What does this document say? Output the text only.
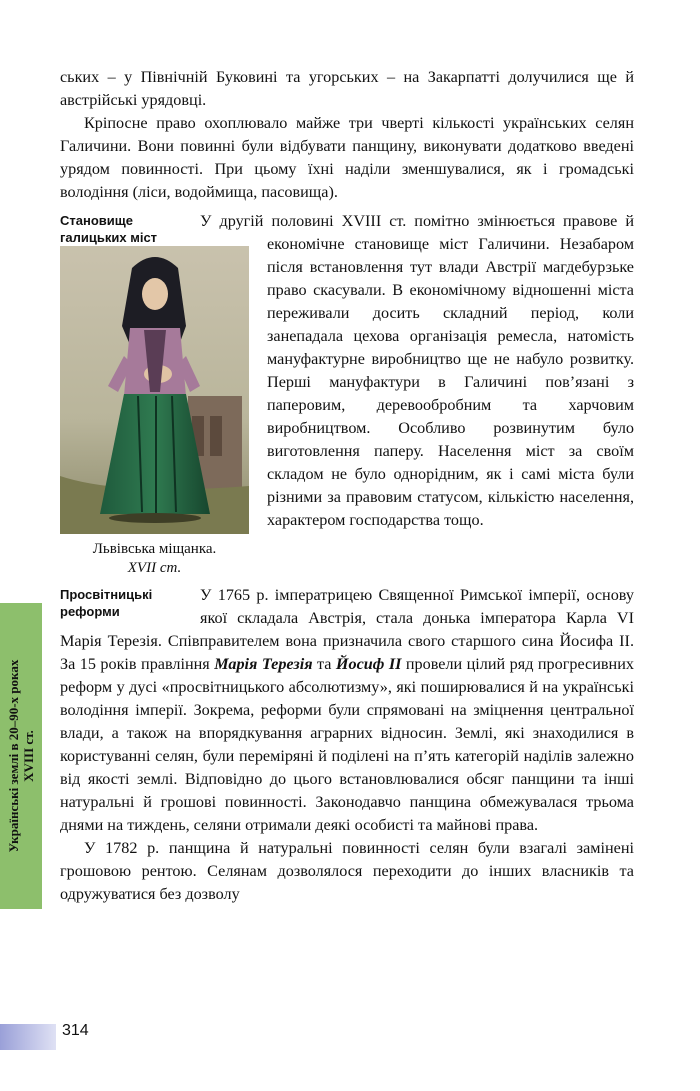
Українські землі в 20–90-х роках
XVIII ст.
314

ських – у Північній Буковині та угорських – на Закарпатті долучилися ще й австрійські урядовці.

Кріпосне право охоплювало майже три чверті кількості українських селян Галичини. Вони повинні були відбувати панщину, виконувати додатково введені урядом повинності. При цьому їхні наділи зменшувалися, як і громадські володіння (ліси, водоймища, пасовища).

Становище галицьких міст
Львівська міщанка.
XVII ст.

У другій половині XVIII ст. помітно змінюється правове й економічне становище міст Галичини. Незабаром після встановлення тут влади Австрії магдебурзьке право скасували. В економічному відношенні міста переживали досить складний період, коли занепадала цехова організація ремесла, натомість мануфактурне виробництво ще не набуло розвитку. Перші мануфактури в Галичині пов’язані з паперовим, деревообробним та харчовим виробництвом. Особливо розвинутим було виготовлення паперу. Населення міст за своїм складом не було однорідним, як і самі міста були різними за правовим статусом, кількістю населення, характером господарства тощо.

Просвітницькі реформи

У 1765 р. імператрицею Священної Римської імперії, основу якої складала Австрія, стала донька імператора Карла VI Марія Терезія. Співправителем вона призначила свого старшого сина Йосифа II. За 15 років правління Марія Терезія та Йосиф II провели цілий ряд прогресивних реформ у дусі «просвітницького абсолютизму», які поширювалися й на українські володіння імперії. Зокрема, реформи були спрямовані на зміцнення центральної влади, а також на впорядкування аграрних відносин. Землі, які знаходилися в користуванні селян, були переміряні й поділені на п’ять категорій наділів залежно від якості землі. Відповідно до цього встановлювалися обсяг панщини та інші натуральні й грошові повинності. Законодавчо панщина обмежувалася трьома днями на тиждень, селяни отримали деякі особисті та майнові права.

У 1782 р. панщина й натуральні повинності селян були взагалі замінені грошовою рентою. Селянам дозволялося переходити до інших власників та одружуватися без дозволу
